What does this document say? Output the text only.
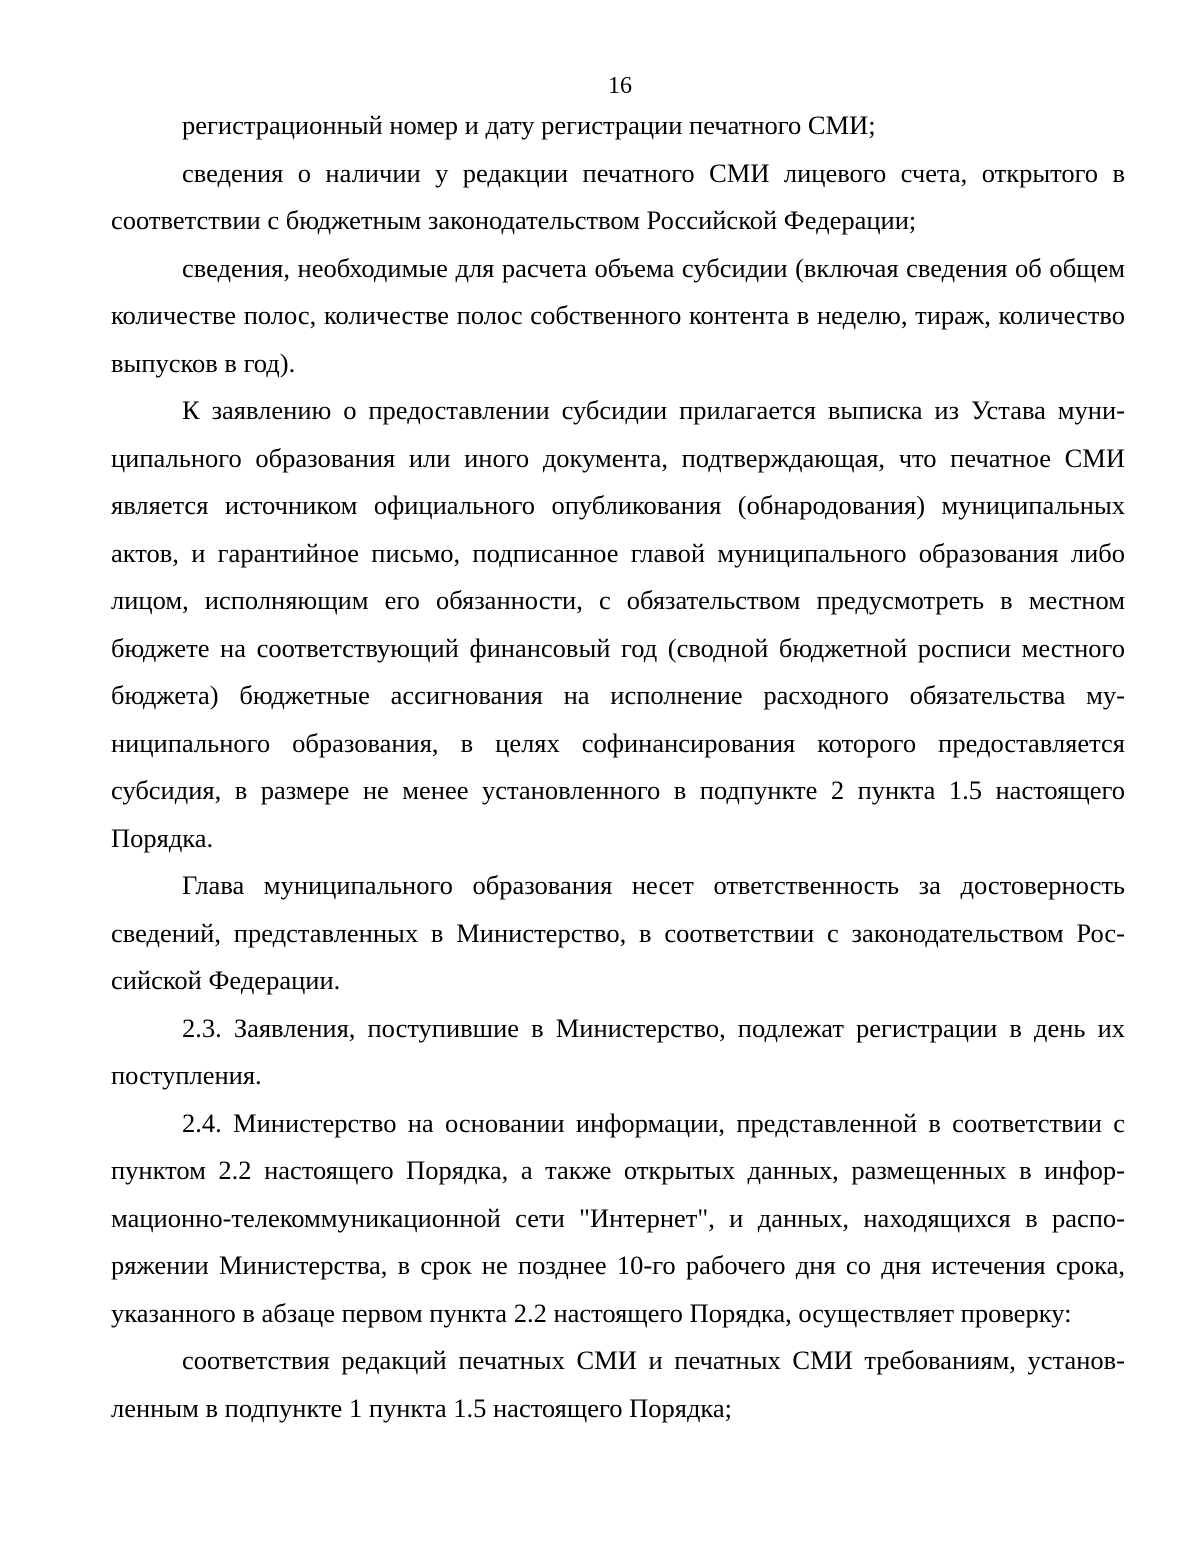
16

регистрационный номер и дату регистрации печатного СМИ;

сведения о наличии у редакции печатного СМИ лицевого счета, открытого в соответствии с бюджетным законодательством Российской Федерации;

сведения, необходимые для расчета объема субсидии (включая сведения об общем количестве полос, количестве полос собственного контента в неделю, тираж, количество выпусков в год).

К заявлению о предоставлении субсидии прилагается выписка из Устава муниципального образования или иного документа, подтверждающая, что печатное СМИ является источником официального опубликования (обнародования) муниципальных актов, и гарантийное письмо, подписанное главой муниципального образования либо лицом, исполняющим его обязанности, с обязательством предусмотреть в местном бюджете на соответствующий финансовый год (сводной бюджетной росписи местного бюджета) бюджетные ассигнования на исполнение расходного обязательства муниципального образования, в целях софинансирования которого предоставляется субсидия, в размере не менее установленного в подпункте 2 пункта 1.5 настоящего Порядка.

Глава муниципального образования несет ответственность за достоверность сведений, представленных в Министерство, в соответствии с законодательством Российской Федерации.

2.3. Заявления, поступившие в Министерство, подлежат регистрации в день их поступления.

2.4. Министерство на основании информации, представленной в соответствии с пунктом 2.2 настоящего Порядка, а также открытых данных, размещенных в информационно-телекоммуникационной сети "Интернет", и данных, находящихся в распоряжении Министерства, в срок не позднее 10-го рабочего дня со дня истечения срока, указанного в абзаце первом пункта 2.2 настоящего Порядка, осуществляет проверку:

соответствия редакций печатных СМИ и печатных СМИ требованиям, установленным в подпункте 1 пункта 1.5 настоящего Порядка;
